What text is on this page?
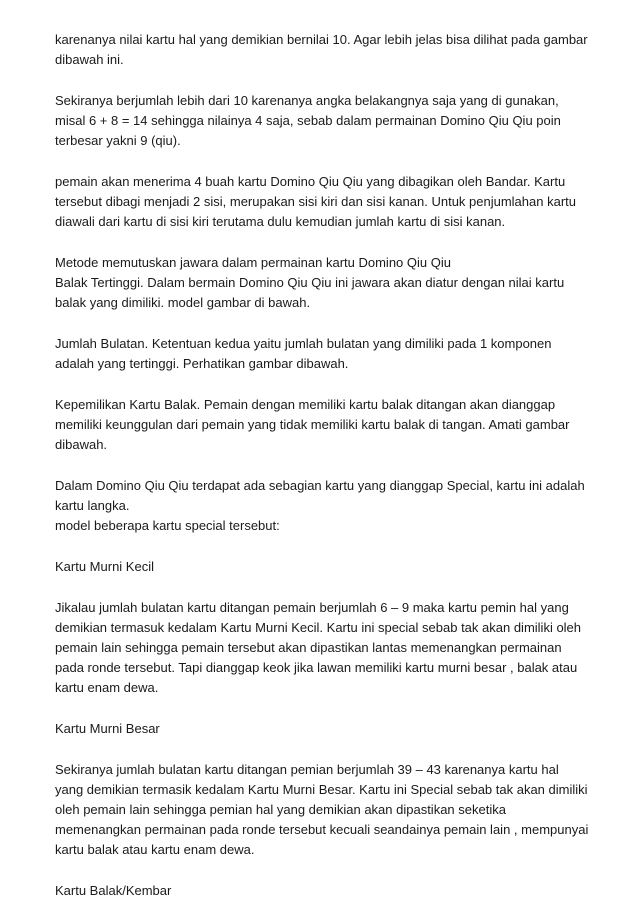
karenanya nilai kartu hal yang demikian bernilai 10. Agar lebih jelas bisa dilihat pada gambar
dibawah ini.

Sekiranya berjumlah lebih dari 10 karenanya angka belakangnya saja yang di gunakan,
misal 6 + 8 = 14 sehingga nilainya 4 saja, sebab dalam permainan Domino Qiu Qiu poin
terbesar yakni 9 (qiu).

pemain akan menerima 4 buah kartu Domino Qiu Qiu yang dibagikan oleh Bandar. Kartu
tersebut dibagi menjadi 2 sisi, merupakan sisi kiri dan sisi kanan. Untuk penjumlahan kartu
diawali dari kartu di sisi kiri terutama dulu kemudian jumlah kartu di sisi kanan.

Metode memutuskan jawara dalam permainan kartu Domino Qiu Qiu
Balak Tertinggi. Dalam bermain Domino Qiu Qiu ini jawara akan diatur dengan nilai kartu
balak yang dimiliki. model gambar di bawah.

Jumlah Bulatan. Ketentuan kedua yaitu jumlah bulatan yang dimiliki pada 1 komponen
adalah yang tertinggi. Perhatikan gambar dibawah.

Kepemilikan Kartu Balak. Pemain dengan memiliki kartu balak ditangan akan dianggap
memiliki keunggulan dari pemain yang tidak memiliki kartu balak di tangan. Amati gambar
dibawah.

Dalam Domino Qiu Qiu terdapat ada sebagian kartu yang dianggap Special, kartu ini adalah
kartu langka.
model beberapa kartu special tersebut:

Kartu Murni Kecil

Jikalau jumlah bulatan kartu ditangan pemain berjumlah 6 – 9 maka kartu pemin hal yang
demikian termasuk kedalam Kartu Murni Kecil. Kartu ini special sebab tak akan dimiliki oleh
pemain lain sehingga pemain tersebut akan dipastikan lantas memenangkan permainan
pada ronde tersebut. Tapi dianggap keok jika lawan memiliki kartu murni besar , balak atau
kartu enam dewa.

Kartu Murni Besar

Sekiranya jumlah bulatan kartu ditangan pemian berjumlah 39 – 43 karenanya kartu hal
yang demikian termasik kedalam Kartu Murni Besar. Kartu ini Special sebab tak akan dimiliki
oleh pemain lain sehingga pemian hal yang demikian akan dipastikan seketika
memenangkan permainan pada ronde tersebut kecuali seandainya pemain lain , mempunyai
kartu balak atau kartu enam dewa.

Kartu Balak/Kembar
